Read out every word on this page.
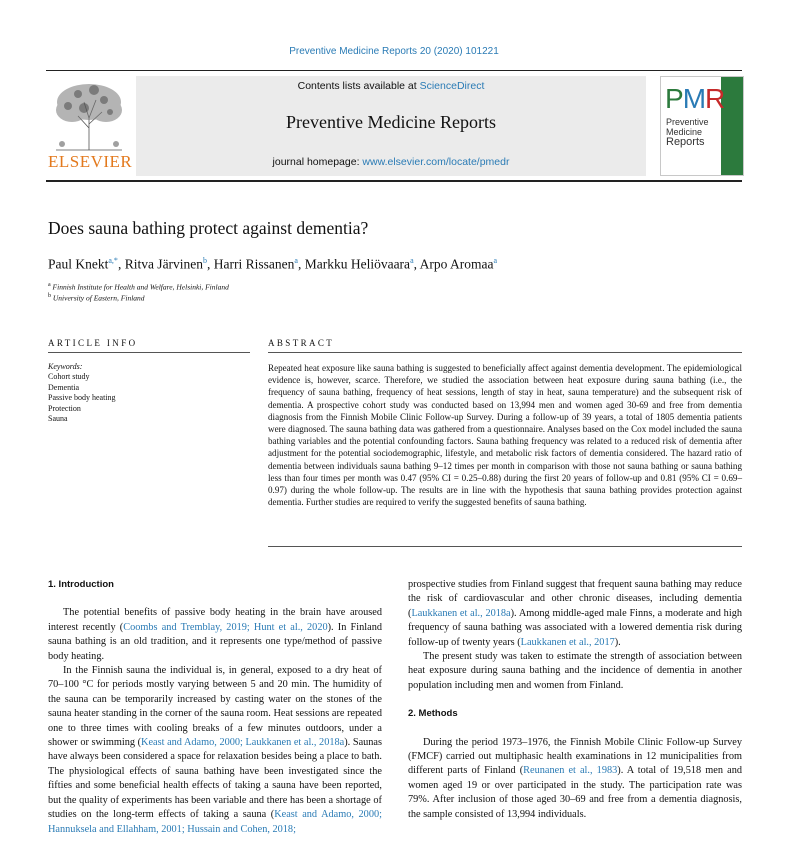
Preventive Medicine Reports 20 (2020) 101221
ELSEVIER
Contents lists available at ScienceDirect
Preventive Medicine Reports
journal homepage: www.elsevier.com/locate/pmedr
PMR
Preventive
Medicine
Reports
Does sauna bathing protect against dementia?
Paul Knekt$^{a,*}$, Ritva Järvinen$^b$, Harri Rissanen$^a$, Markku Heliövaara$^a$, Arpo Aromaa$^a$
$^a$ Finnish Institute for Health and Welfare, Helsinki, Finland
$^b$ University of Eastern, Finland
ARTICLE INFO	ABSTRACT
Keywords:
Cohort study
Dementia
Passive body heating
Protection
Sauna
Repeated heat exposure like sauna bathing is suggested to beneficially affect against dementia development. The epidemiological evidence is, however, scarce. Therefore, we studied the association between heat exposure during sauna bathing (i.e., the frequency of sauna bathing, frequency of heat sessions, length of stay in heat, sauna temperature) and the subsequent risk of dementia. A prospective cohort study was conducted based on 13,994 men and women aged 30-69 and free from dementia diagnosis from the Finnish Mobile Clinic Follow-up Survey. During a follow-up of 39 years, a total of 1805 dementia patients were diagnosed. The sauna bathing data was gathered from a questionnaire. Analyses based on the Cox model included the sauna bathing variables and the potential confounding factors. Sauna bathing frequency was related to a reduced risk of dementia after adjustment for the potential sociodemographic, lifestyle, and metabolic risk factors of dementia considered. The hazard ratio of dementia between individuals sauna bathing 9–12 times per month in comparison with those not sauna bathing or sauna bathing less than four times per month was 0.47 (95% CI = 0.25–0.88) during the first 20 years of follow-up and 0.81 (95% CI = 0.69–0.97) during the whole follow-up. The results are in line with the hypothesis that sauna bathing provides protection against dementia. Further studies are required to verify the suggested benefits of sauna bathing.

1. Introduction

The potential benefits of passive body heating in the brain have aroused interest recently (Coombs and Tremblay, 2019; Hunt et al., 2020). In Finland sauna bathing is an old tradition, and it represents one type/method of passive body heating.

In the Finnish sauna the individual is, in general, exposed to a dry heat of 70–100 °C for periods mostly varying between 5 and 20 min. The humidity of the sauna can be temporarily increased by casting water on the stones of the sauna heater standing in the corner of the sauna room. Heat sessions are repeated one to three times with cooling breaks of a few minutes outdoors, under a shower or swimming (Keast and Adamo, 2000; Laukkanen et al., 2018a). Saunas have always been considered a space for relaxation besides being a place to bath. The physiological effects of sauna bathing have been investigated since the fifties and some beneficial health effects of taking a sauna have been reported, but the quality of experiments has been variable and there has been a shortage of studies on the long-term effects of taking a sauna (Keast and Adamo, 2000; Hannuksela and Ellahham, 2001; Hussain and Cohen, 2018;

prospective studies from Finland suggest that frequent sauna bathing may reduce the risk of cardiovascular and other chronic diseases, including dementia (Laukkanen et al., 2018a). Among middle-aged male Finns, a moderate and high frequency of sauna bathing was associated with a lowered dementia risk during follow-up of twenty years (Laukkanen et al., 2017).

The present study was taken to estimate the strength of association between heat exposure during sauna bathing and the incidence of dementia in another population including men and women from Finland.

2. Methods

During the period 1973–1976, the Finnish Mobile Clinic Follow-up Survey (FMCF) carried out multiphasic health examinations in 12 municipalities from different parts of Finland (Reunanen et al., 1983). A total of 19,518 men and women aged 19 or over participated in the study. The participation rate was 79%. After inclusion of those aged 30–69 and free from a dementia diagnosis, the sample consisted of 13,994 individuals.
